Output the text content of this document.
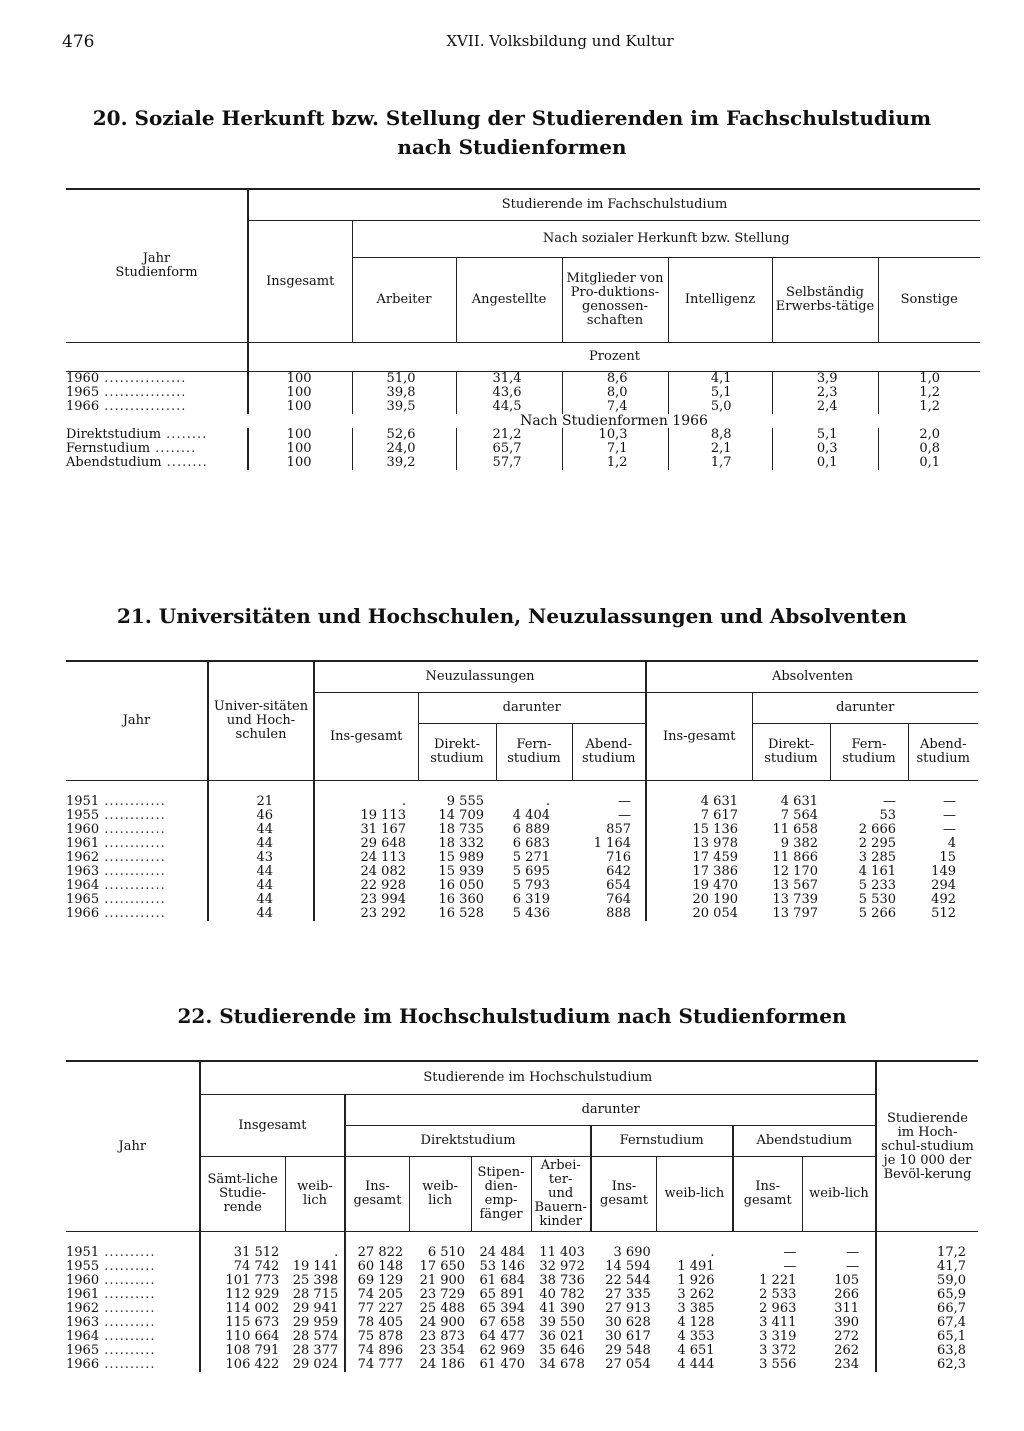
476	XVII. Volksbildung und Kultur
20. Soziale Herkunft bzw. Stellung der Studierenden im Fachschulstudium
nach Studienformen
Jahr
Studienform	Studierende im Fachschulstudium						
	Insgesamt	Nach sozialer Herkunft bzw. Stellung					
		Arbeiter	Angestellte	Mitglieder von Pro-duktions-genossen-schaften	Intelligenz	Selbständig Erwerbs-tätige	Sonstige
	Prozent						
1960 ................	100	51,0	31,4	8,6	4,1	3,9	1,0
1965 ................	100	39,8	43,6	8,0	5,1	2,3	1,2
1966 ................	100	39,5	44,5	7,4	5,0	2,4	1,2
	Nach Studienformen 1966						
Direktstudium ........	100	52,6	21,2	10,3	8,8	5,1	2,0
Fernstudium ........	100	24,0	65,7	7,1	2,1	0,3	0,8
Abendstudium ........	100	39,2	57,7	1,2	1,7	0,1	0,1
21. Universitäten und Hochschulen, Neuzulassungen und Absolventen
Jahr	Univer-sitäten und Hoch-schulen	Neuzulassungen				Absolventen			
		Ins-gesamt	darunter			Ins-gesamt	darunter		
			Direkt-studium	Fern-studium	Abend-studium		Direkt-studium	Fern-studium	Abend-studium

1951 ............	21	.	9 555	.	—	4 631	4 631	—	—
1955 ............	46	19 113	14 709	4 404	—	7 617	7 564	53	—
1960 ............	44	31 167	18 735	6 889	857	15 136	11 658	2 666	—
1961 ............	44	29 648	18 332	6 683	1 164	13 978	9 382	2 295	4
1962 ............	43	24 113	15 989	5 271	716	17 459	11 866	3 285	15
1963 ............	44	24 082	15 939	5 695	642	17 386	12 170	4 161	149
1964 ............	44	22 928	16 050	5 793	654	19 470	13 567	5 233	294
1965 ............	44	23 994	16 360	6 319	764	20 190	13 739	5 530	492
1966 ............	44	23 292	16 528	5 436	888	20 054	13 797	5 266	512
22. Studierende im Hochschulstudium nach Studienformen
Jahr	Studierende im Hochschulstudium										Studierende im Hoch-schul-studium je 10 000 der Bevöl-kerung
	Insgesamt		darunter								
			Direktstudium				Fernstudium		Abendstudium		
	Sämt-liche Studie-rende	weib-lich	Ins-gesamt	weib-lich	Stipen-dien-emp-fänger	Arbei-ter- und Bauern-kinder	Ins-gesamt	weib-lich	Ins-gesamt	weib-lich	

1951 ..........	31 512	.	27 822	6 510	24 484	11 403	3 690	.	—	—	17,2
1955 ..........	74 742	19 141	60 148	17 650	53 146	32 972	14 594	1 491	—	—	41,7
1960 ..........	101 773	25 398	69 129	21 900	61 684	38 736	22 544	1 926	1 221	105	59,0
1961 ..........	112 929	28 715	74 205	23 729	65 891	40 782	27 335	3 262	2 533	266	65,9
1962 ..........	114 002	29 941	77 227	25 488	65 394	41 390	27 913	3 385	2 963	311	66,7
1963 ..........	115 673	29 959	78 405	24 900	67 658	39 550	30 628	4 128	3 411	390	67,4
1964 ..........	110 664	28 574	75 878	23 873	64 477	36 021	30 617	4 353	3 319	272	65,1
1965 ..........	108 791	28 377	74 896	23 354	62 969	35 646	29 548	4 651	3 372	262	63,8
1966 ..........	106 422	29 024	74 777	24 186	61 470	34 678	27 054	4 444	3 556	234	62,3
